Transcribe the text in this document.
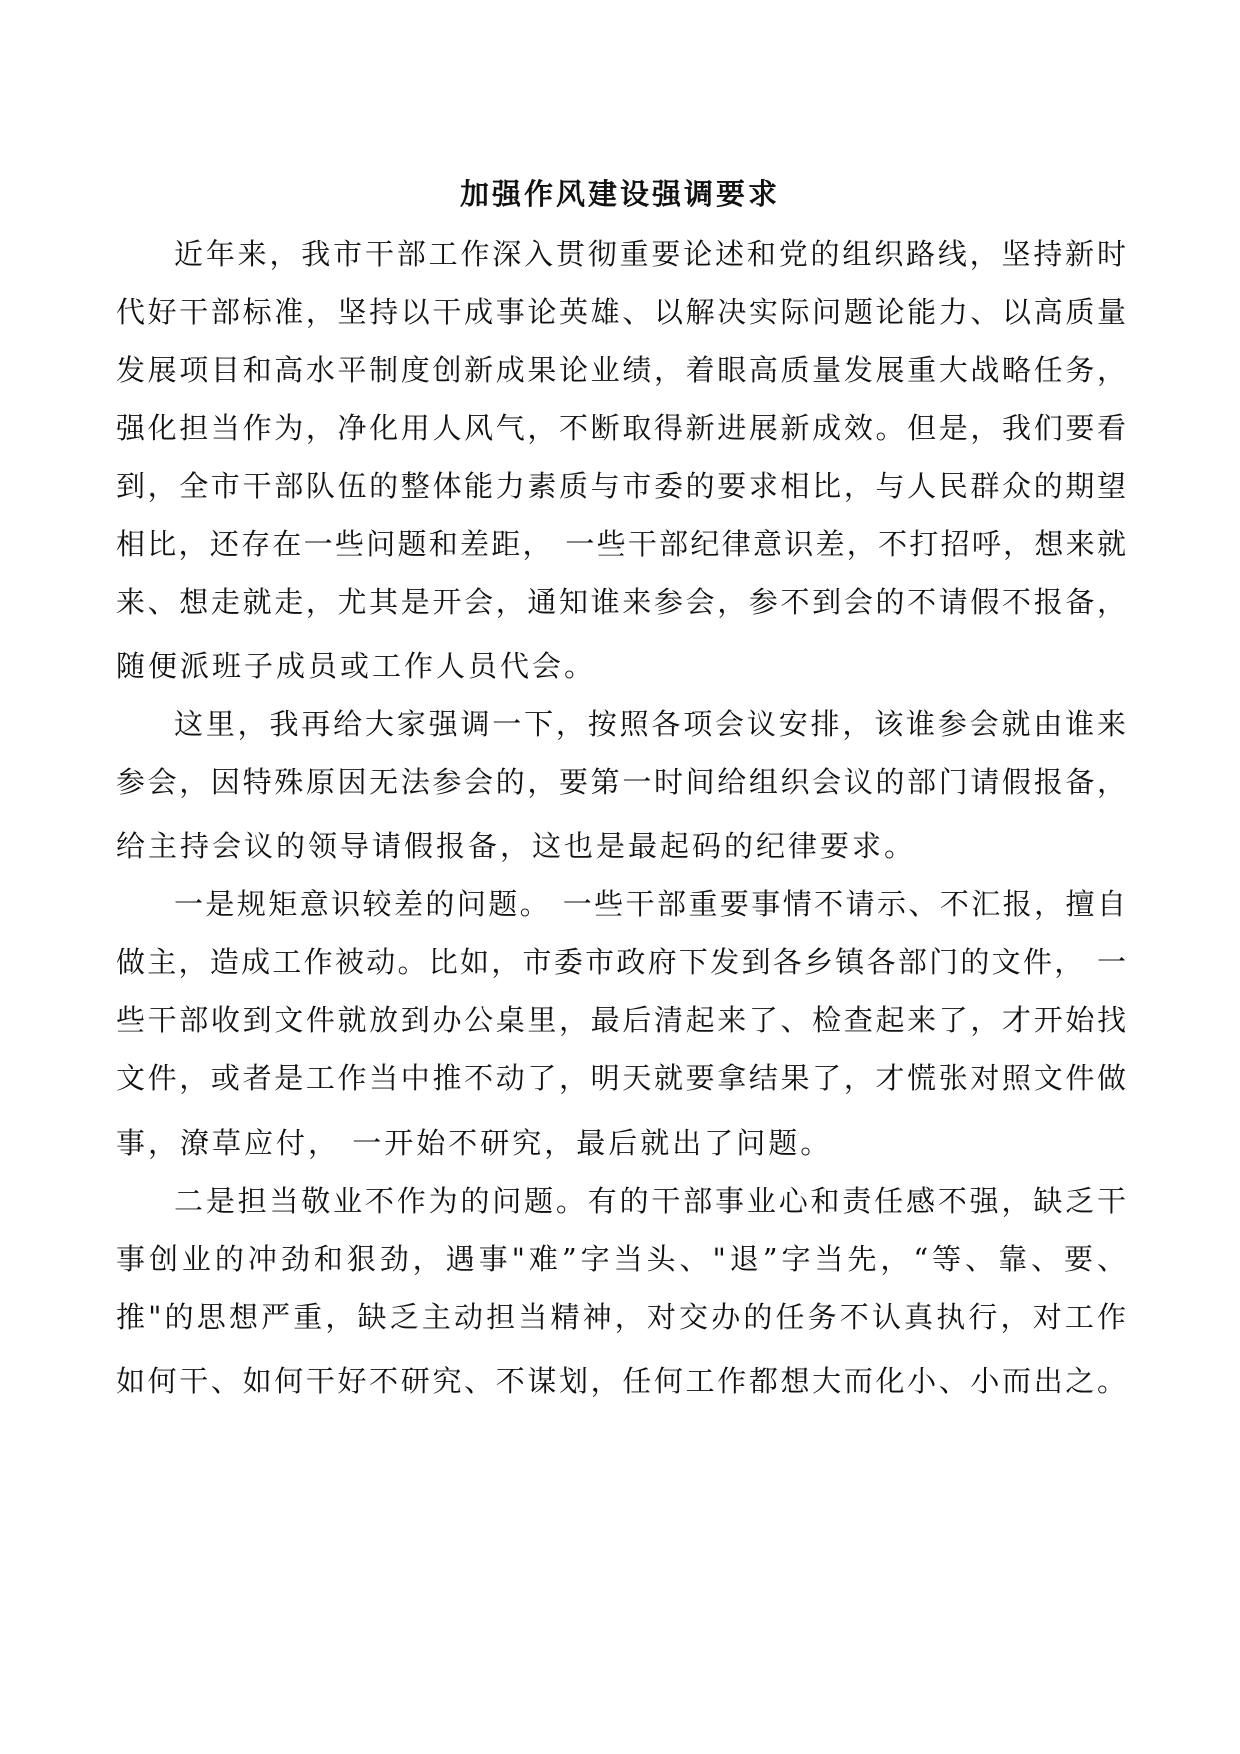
加强作风建设强调要求
近年来，我市干部工作深入贯彻重要论述和党的组织路线，坚持新时
代好干部标准，坚持以干成事论英雄、以解决实际问题论能力、以高质量
发展项目和高水平制度创新成果论业绩，着眼高质量发展重大战略任务，
强化担当作为，净化用人风气，不断取得新进展新成效。但是，我们要看
到，全市干部队伍的整体能力素质与市委的要求相比，与人民群众的期望
相比，还存在一些问题和差距， 一些干部纪律意识差，不打招呼，想来就
来、想走就走，尤其是开会，通知谁来参会，参不到会的不请假不报备，
随便派班子成员或工作人员代会。
这里，我再给大家强调一下，按照各项会议安排，该谁参会就由谁来
参会，因特殊原因无法参会的，要第一时间给组织会议的部门请假报备，
给主持会议的领导请假报备，这也是最起码的纪律要求。
一是规矩意识较差的问题。 一些干部重要事情不请示、不汇报，擅自
做主，造成工作被动。比如，市委市政府下发到各乡镇各部门的文件， 一
些干部收到文件就放到办公桌里，最后清起来了、检查起来了，才开始找
文件，或者是工作当中推不动了，明天就要拿结果了，才慌张对照文件做
事，潦草应付， 一开始不研究，最后就出了问题。
二是担当敬业不作为的问题。有的干部事业心和责任感不强，缺乏干
事创业的冲劲和狠劲，遇事"难”字当头、"退”字当先，“等、靠、要、
推"的思想严重，缺乏主动担当精神，对交办的任务不认真执行，对工作
如何干、如何干好不研究、不谋划，任何工作都想大而化小、小而出之。
